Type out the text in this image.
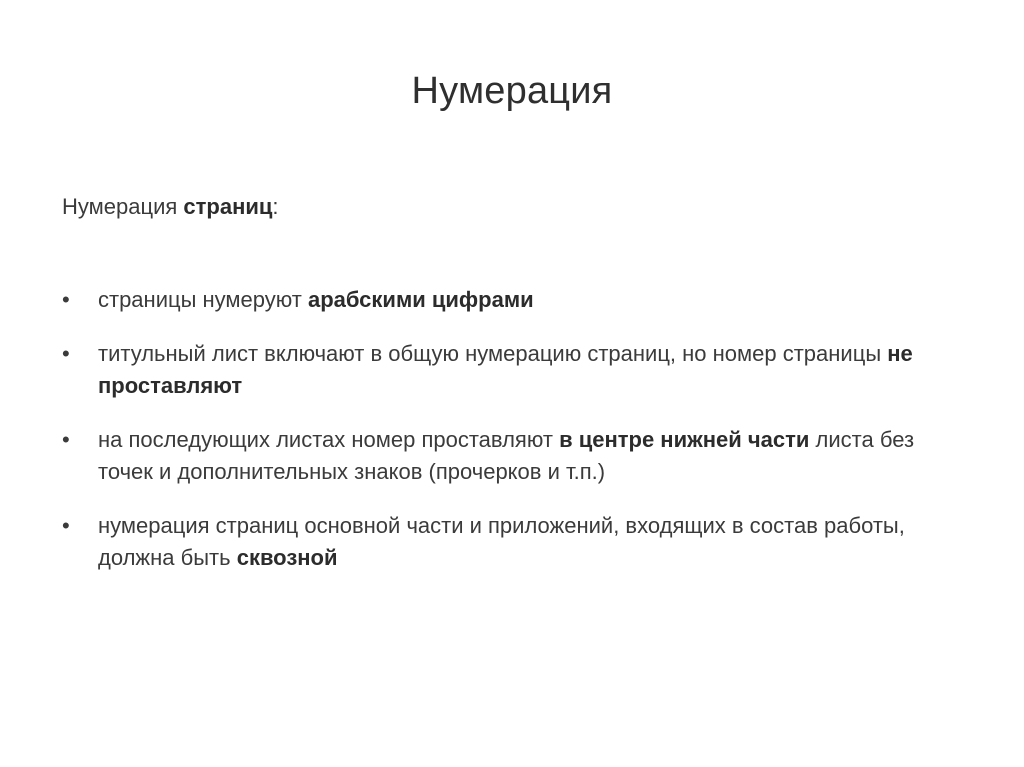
Нумерация
Нумерация страниц:
• страницы нумеруют арабскими цифрами
• титульный лист включают в общую нумерацию страниц, но номер страницы не проставляют
• на последующих листах номер проставляют в центре нижней части листа без точек и дополнительных знаков (прочерков и т.п.)
• нумерация страниц основной части и приложений, входящих в состав работы, должна быть сквозной
